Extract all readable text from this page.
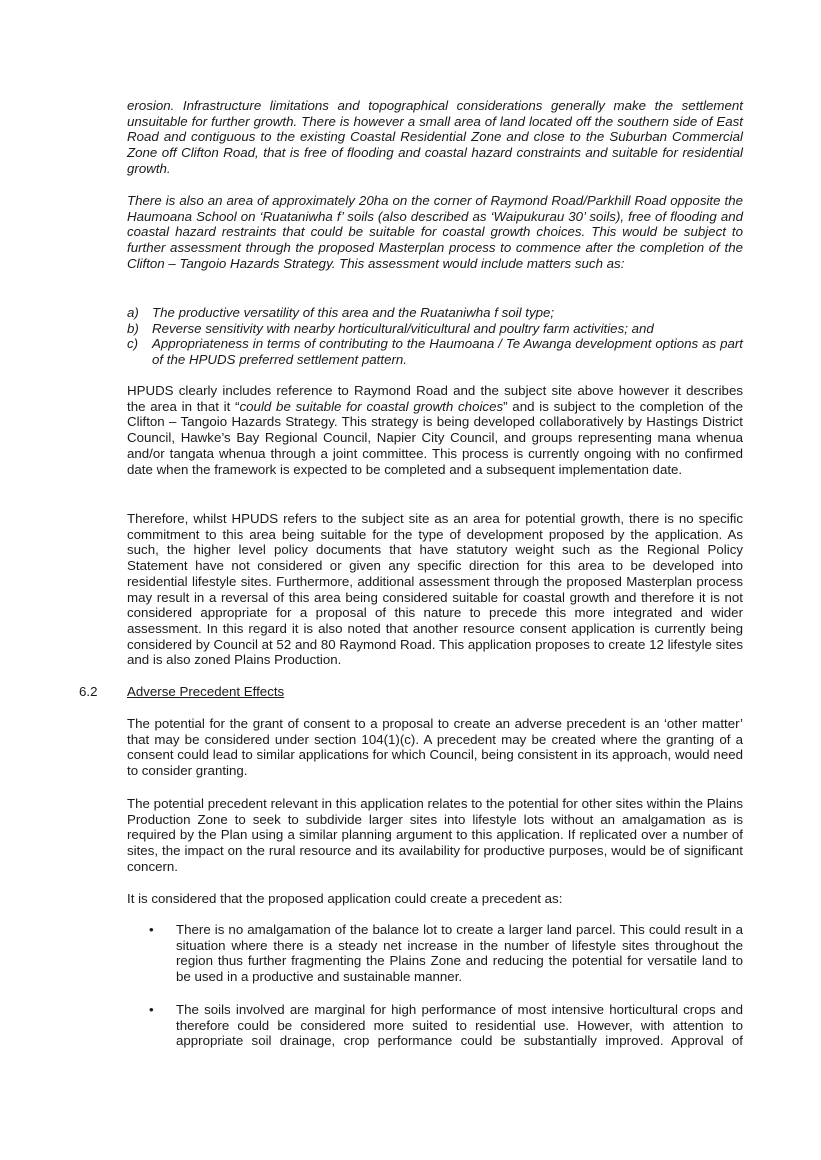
erosion. Infrastructure limitations and topographical considerations generally make the settlement unsuitable for further growth. There is however a small area of land located off the southern side of East Road and contiguous to the existing Coastal Residential Zone and close to the Suburban Commercial Zone off Clifton Road, that is free of flooding and coastal hazard constraints and suitable for residential growth.

There is also an area of approximately 20ha on the corner of Raymond Road/Parkhill Road opposite the Haumoana School on ‘Ruataniwha f’ soils (also described as ‘Waipukurau 30’ soils), free of flooding and coastal hazard restraints that could be suitable for coastal growth choices. This would be subject to further assessment through the proposed Masterplan process to commence after the completion of the Clifton – Tangoio Hazards Strategy. This assessment would include matters such as:

a) The productive versatility of this area and the Ruataniwha f soil type;
b) Reverse sensitivity with nearby horticultural/viticultural and poultry farm activities; and
c) Appropriateness in terms of contributing to the Haumoana / Te Awanga development options as part of the HPUDS preferred settlement pattern.

HPUDS clearly includes reference to Raymond Road and the subject site above however it describes the area in that it “could be suitable for coastal growth choices” and is subject to the completion of the Clifton – Tangoio Hazards Strategy. This strategy is being developed collaboratively by Hastings District Council, Hawke’s Bay Regional Council, Napier City Council, and groups representing mana whenua and/or tangata whenua through a joint committee. This process is currently ongoing with no confirmed date when the framework is expected to be completed and a subsequent implementation date.

Therefore, whilst HPUDS refers to the subject site as an area for potential growth, there is no specific commitment to this area being suitable for the type of development proposed by the application. As such, the higher level policy documents that have statutory weight such as the Regional Policy Statement have not considered or given any specific direction for this area to be developed into residential lifestyle sites. Furthermore, additional assessment through the proposed Masterplan process may result in a reversal of this area being considered suitable for coastal growth and therefore it is not considered appropriate for a proposal of this nature to precede this more integrated and wider assessment. In this regard it is also noted that another resource consent application is currently being considered by Council at 52 and 80 Raymond Road. This application proposes to create 12 lifestyle sites and is also zoned Plains Production.

6.2 Adverse Precedent Effects

The potential for the grant of consent to a proposal to create an adverse precedent is an ‘other matter’ that may be considered under section 104(1)(c). A precedent may be created where the granting of a consent could lead to similar applications for which Council, being consistent in its approach, would need to consider granting.

The potential precedent relevant in this application relates to the potential for other sites within the Plains Production Zone to seek to subdivide larger sites into lifestyle lots without an amalgamation as is required by the Plan using a similar planning argument to this application. If replicated over a number of sites, the impact on the rural resource and its availability for productive purposes, would be of significant concern.

It is considered that the proposed application could create a precedent as:

• There is no amalgamation of the balance lot to create a larger land parcel. This could result in a situation where there is a steady net increase in the number of lifestyle sites throughout the region thus further fragmenting the Plains Zone and reducing the potential for versatile land to be used in a productive and sustainable manner.
• The soils involved are marginal for high performance of most intensive horticultural crops and therefore could be considered more suited to residential use. However, with attention to appropriate soil drainage, crop performance could be substantially improved. Approval of
